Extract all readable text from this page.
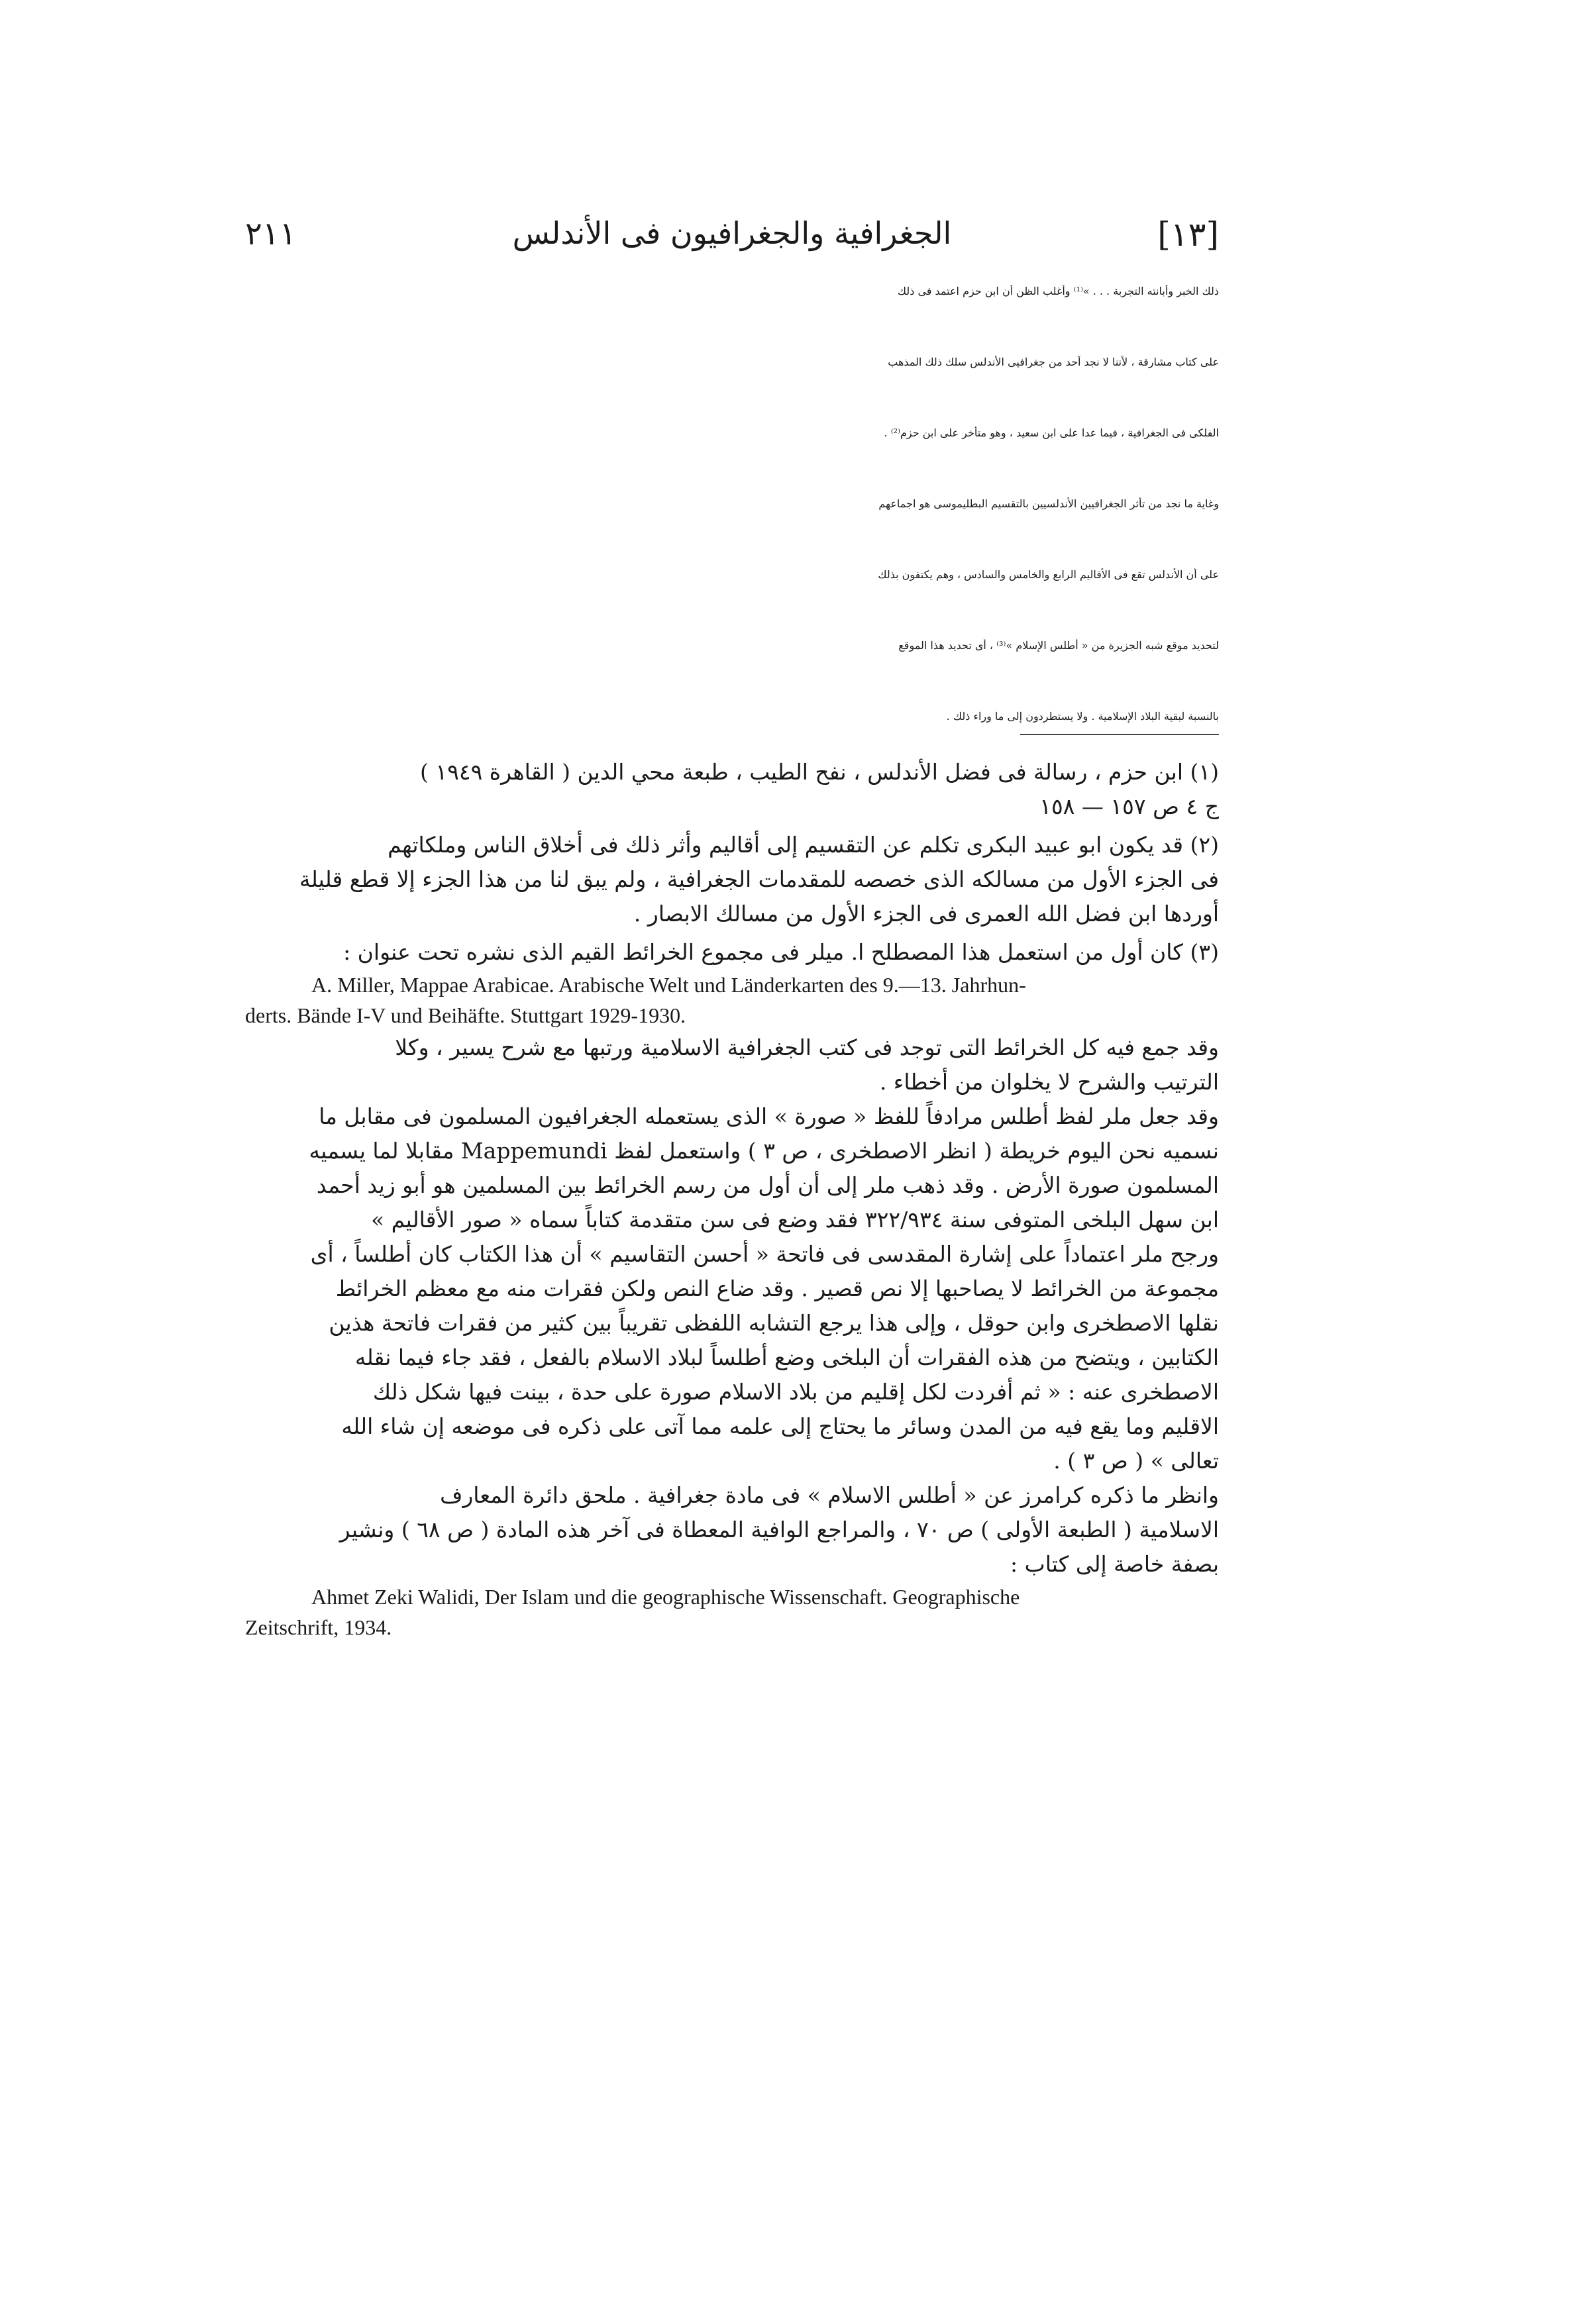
[١٣]
الجغرافية والجغرافيون فى الأندلس
٢١١
ذلك الخبر وأبانته التجربة . . . »⁽¹⁾ وأغلب الظن أن ابن حزم اعتمد فى ذلك
على كتاب مشارقة ، لأننا لا نجد أحد من جغرافيى الأندلس سلك ذلك المذهب
الفلكى فى الجغرافية ، فيما عدا على ابن سعيد ، وهو متأخر على ابن حزم⁽²⁾ .
وغاية ما نجد من تأثر الجغرافيين الأندلسيين بالتقسيم البطليموسى هو اجماعهم
على أن الأندلس تقع فى الأقاليم الرابع والخامس والسادس ، وهم يكتفون بذلك
لتحديد موقع شبه الجزيرة من « أطلس الإسلام »⁽³⁾ ، أى تحديد هذا الموقع
بالنسبة لبقية البلاد الإسلامية . ولا يستطردون إلى ما وراء ذلك .
(١) ابن حزم ، رسالة فى فضل الأندلس ، نفح الطيب ، طبعة محي الدين ( القاهرة ١٩٤٩ )
ج ٤ ص ١٥٧ — ١٥٨
(٢) قد يكون ابو عبيد البكرى تكلم عن التقسيم إلى أقاليم وأثر ذلك فى أخلاق الناس وملكاتهم
فى الجزء الأول من مسالكه الذى خصصه للمقدمات الجغرافية ، ولم يبق لنا من هذا الجزء إلا قطع قليلة
أوردها ابن فضل الله العمرى فى الجزء الأول من مسالك الابصار .
(٣) كان أول من استعمل هذا المصطلح ا. ميلر فى مجموع الخرائط القيم الذى نشره تحت عنوان :
A. Miller, Mappae Arabicae. Arabische Welt und Länderkarten des 9.—13. Jahrhun-
derts. Bände I-V und Beihäfte. Stuttgart 1929-1930.
وقد جمع فيه كل الخرائط التى توجد فى كتب الجغرافية الاسلامية ورتبها مع شرح يسير ، وكلا
الترتيب والشرح لا يخلوان من أخطاء .
وقد جعل ملر لفظ أطلس مرادفاً للفظ « صورة » الذى يستعمله الجغرافيون المسلمون فى مقابل ما
نسميه نحن اليوم خريطة ( انظر الاصطخرى ، ص ٣ ) واستعمل لفظ Mappemundi مقابلا لما يسميه
المسلمون صورة الأرض . وقد ذهب ملر إلى أن أول من رسم الخرائط بين المسلمين هو أبو زيد أحمد
ابن سهل البلخى المتوفى سنة ٣٢٢/٩٣٤ فقد وضع فى سن متقدمة كتاباً سماه « صور الأقاليم »
ورجح ملر اعتماداً على إشارة المقدسى فى فاتحة « أحسن التقاسيم » أن هذا الكتاب كان أطلساً ، أى
مجموعة من الخرائط لا يصاحبها إلا نص قصير . وقد ضاع النص ولكن فقرات منه مع معظم الخرائط
نقلها الاصطخرى وابن حوقل ، وإلى هذا يرجع التشابه اللفظى تقريباً بين كثير من فقرات فاتحة هذين
الكتابين ، ويتضح من هذه الفقرات أن البلخى وضع أطلساً لبلاد الاسلام بالفعل ، فقد جاء فيما نقله
الاصطخرى عنه : « ثم أفردت لكل إقليم من بلاد الاسلام صورة على حدة ، بينت فيها شكل ذلك
الاقليم وما يقع فيه من المدن وسائر ما يحتاج إلى علمه مما آتى على ذكره فى موضعه إن شاء الله
تعالى » ( ص ٣ ) .
وانظر ما ذكره كرامرز عن « أطلس الاسلام » فى مادة جغرافية . ملحق دائرة المعارف
الاسلامية ( الطبعة الأولى ) ص ٧٠ ، والمراجع الوافية المعطاة فى آخر هذه المادة ( ص ٦٨ ) ونشير
بصفة خاصة إلى كتاب :
Ahmet Zeki Walidi, Der Islam und die geographische Wissenschaft. Geographische
Zeitschrift, 1934.
